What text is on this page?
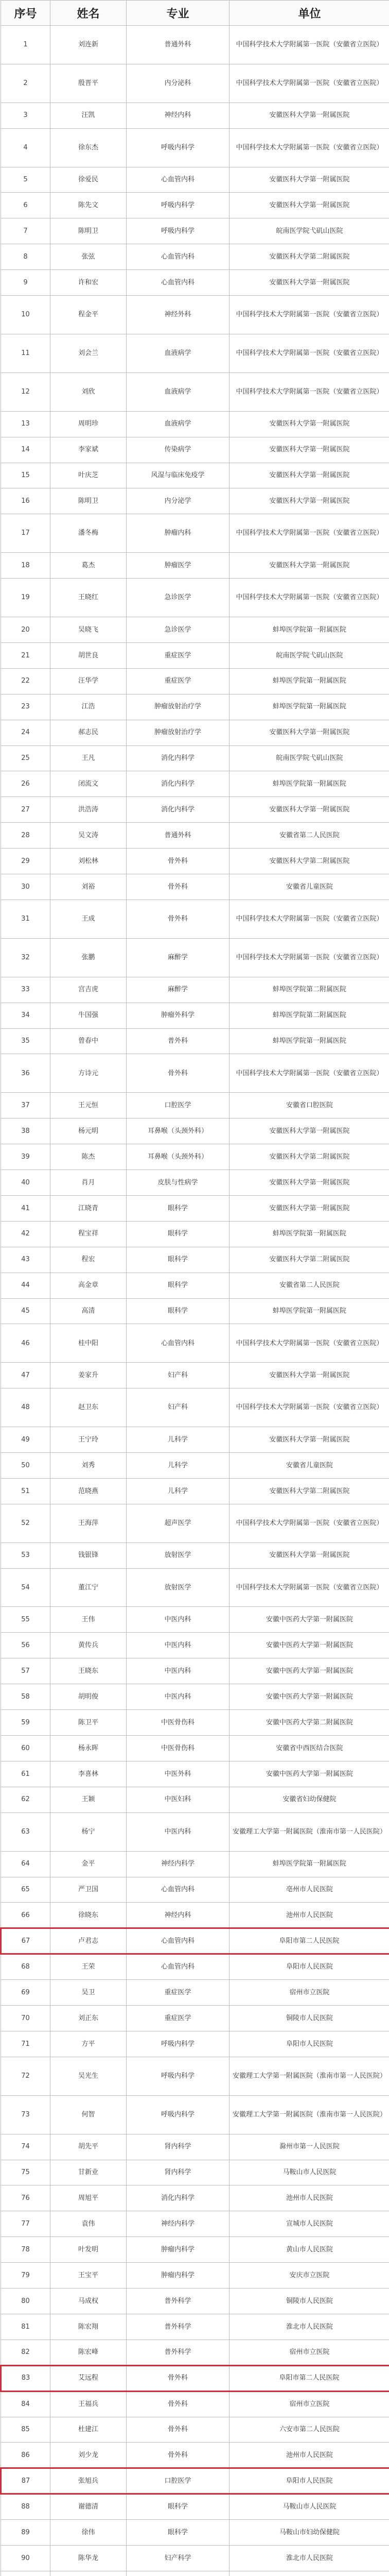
序号	姓名	专业	单位
1	刘连新	普通外科	中国科学技术大学附属第一医院（安徽省立医院）
2	殷晋平	内分泌科	中国科学技术大学附属第一医院（安徽省立医院）
3	汪凯	神经内科	安徽医科大学第一附属医院
4	徐东杰	呼吸内科学	中国科学技术大学附属第一医院（安徽省立医院）
5	徐爱民	心血管内科	安徽医科大学第一附属医院
6	陈先文	呼吸内科学	安徽医科大学第一附属医院
7	陈明卫	呼吸内科学	皖南医学院弋矶山医院
8	张弦	心血管内科	安徽医科大学第二附属医院
9	许和宏	心血管内科	安徽医科大学第一附属医院
10	程金平	神经外科	中国科学技术大学附属第一医院（安徽省立医院）
11	刘会兰	血液病学	中国科学技术大学附属第一医院（安徽省立医院）
12	刘欣	血液病学	中国科学技术大学附属第一医院（安徽省立医院）
13	周明珍	血液病学	安徽医科大学第一附属医院
14	李家斌	传染病学	安徽医科大学第一附属医院
15	叶庆芝	风湿与临床免疫学	安徽医科大学第一附属医院
16	陈明卫	内分泌学	安徽医科大学第一附属医院
17	潘冬梅	肿瘤内科	中国科学技术大学附属第一医院（安徽省立医院）
18	葛杰	肿瘤医学	安徽医科大学第一附属医院
19	王晓红	急诊医学	中国科学技术大学附属第一医院（安徽省立医院）
20	吴晓飞	急诊医学	蚌埠医学院第一附属医院
21	胡世良	重症医学	皖南医学院弋矶山医院
22	汪华学	重症医学	蚌埠医学院第一附属医院
23	江浩	肿瘤放射治疗学	蚌埠医学院第一附属医院
24	郝志民	肿瘤放射治疗学	安徽医科大学第一附属医院
25	王凡	消化内科学	皖南医学院弋矶山医院
26	闭流文	消化内科学	蚌埠医学院第一附属医院
27	洪浩涛	消化内科学	安徽医科大学第一附属医院
28	吴文涛	普通外科	安徽省第二人民医院
29	刘松林	骨外科	安徽医科大学第二附属医院
30	刘裕	骨外科	安徽省儿童医院
31	王成	骨外科	中国科学技术大学附属第一医院（安徽省立医院）
32	张鹏	麻醉学	中国科学技术大学附属第一医院（安徽省立医院）
33	宫吉虎	麻醉学	蚌埠医学院第二附属医院
34	牛国强	肿瘤外科学	蚌埠医学院第二附属医院
35	曾春中	普外科	蚌埠医学院第一附属医院
36	方诗元	骨外科	中国科学技术大学附属第一医院（安徽省立医院）
37	王元恒	口腔医学	安徽省口腔医院
38	杨元明	耳鼻喉（头颈外科）	安徽医科大学第一附属医院
39	陈杰	耳鼻喉（头颈外科）	安徽医科大学第二附属医院
40	肖月	皮肤与性病学	安徽医科大学第一附属医院
41	江晓青	眼科学	安徽医科大学第一附属医院
42	程宝祥	眼科学	蚌埠医学院第一附属医院
43	程宏	眼科学	安徽医科大学第二附属医院
44	高金章	眼科学	安徽省第二人民医院
45	高清	眼科学	蚌埠医学院第一附属医院
46	桂中阳	心血管内科	中国科学技术大学附属第一医院（安徽省立医院）
47	姜家升	妇产科	安徽医科大学第一附属医院
48	赵卫东	妇产科	中国科学技术大学附属第一医院（安徽省立医院）
49	王宁玲	儿科学	安徽医科大学第一附属医院
50	刘秀	儿科学	安徽省儿童医院
51	范晓燕	儿科学	安徽医科大学第二附属医院
52	王海萍	超声医学	中国科学技术大学附属第一医院（安徽省立医院）
53	钱银锋	放射医学	安徽医科大学第一附属医院
54	董江宁	放射医学	中国科学技术大学附属第一医院（安徽省立医院）
55	王伟	中医内科	安徽中医药大学第一附属医院
56	黄传兵	中医内科	安徽中医药大学第一附属医院
57	王晓东	中医内科	安徽中医药大学第一附属医院
58	胡明俊	中医内科	安徽中医药大学第一附属医院
59	陈卫平	中医骨伤科	安徽中医药大学第二附属医院
60	杨永晖	中医骨伤科	安徽省中西医结合医院
61	李喜林	中医外科	安徽中医药大学第一附属医院
62	王颖	中医妇科	安徽省妇幼保健院
63	杨宁	中医内科	安徽理工大学第一附属医院（淮南市第一人民医院）
64	金平	神经内科学	蚌埠医学院第一附属医院
65	严卫国	心血管内科	亳州市人民医院
66	徐晓东	神经内科	池州市人民医院
67	卢君志	心血管内科	阜阳市第二人民医院
68	王荣	心血管内科	阜阳市人民医院
69	吴卫	重症医学	宿州市立医院
70	刘正东	重症医学	铜陵市人民医院
71	方平	呼吸内科学	阜阳市人民医院
72	吴光生	呼吸内科学	安徽理工大学第一附属医院（淮南市第一人民医院）
73	何智	呼吸内科学	安徽理工大学第一附属医院（淮南市第一人民医院）
74	胡先平	肾内科学	滁州市第一人民医院
75	甘新业	肾内科学	马鞍山市人民医院
76	周旭平	消化内科学	池州市人民医院
77	袁伟	神经内科学	宣城市人民医院
78	叶发明	肿瘤内科学	黄山市人民医院
79	王宝平	肿瘤内科学	安庆市立医院
80	马成权	普外科学	铜陵市人民医院
81	陈宏翔	普外科学	淮北市人民医院
82	陈宏峰	普外科学	宿州市立医院
83	艾远程	骨外科	阜阳市第二人民医院
84	王福兵	骨外科	宿州市立医院
85	杜建江	骨外科	六安市第二人民医院
86	刘少龙	骨外科	池州市人民医院
87	张旭兵	口腔医学	阜阳市人民医院
88	谢德清	眼科学	马鞍山市人民医院
89	徐伟	眼科学	马鞍山市妇幼保健院
90	陈华龙	妇产科学	淮北市人民医院
